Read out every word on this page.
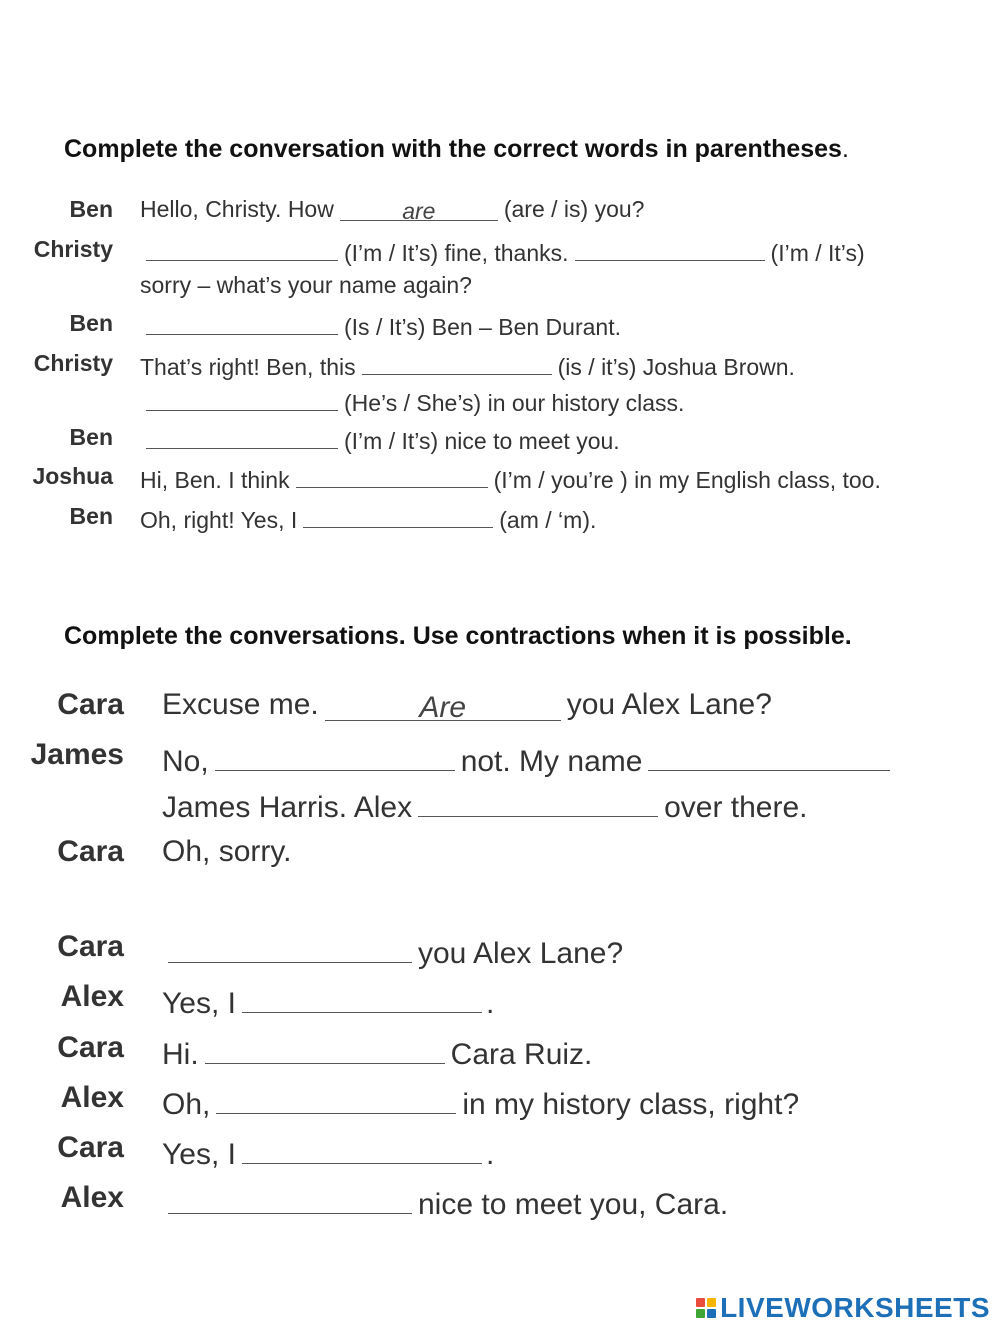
Complete the conversation with the correct words in parentheses.
Ben Hello, Christy. How	are	(are / is) you?
Christy	(I’m / It’s) fine, thanks.	(I’m / It’s)
sorry – what’s your name again?
Ben	(Is / It’s) Ben – Ben Durant.
Christy That’s right! Ben, this	(is / it’s) Joshua Brown.
(He’s / She’s) in our history class.
Ben	(I’m / It’s) nice to meet you.
Joshua Hi, Ben. I think	(I’m / you’re ) in my English class, too.
Ben Oh, right! Yes, I	(am / ‘m).
Complete the conversations. Use contractions when it is possible.
Cara Excuse me.	Are	you Alex Lane?
James No,	not. My name
James Harris. Alex	over there.
Cara Oh, sorry.
Cara	you Alex Lane?
Alex Yes, I	.
Cara Hi.	Cara Ruiz.
Alex Oh,	in my history class, right?
Cara Yes, I	.
Alex	nice to meet you, Cara.
LIVEWORKSHEETS
